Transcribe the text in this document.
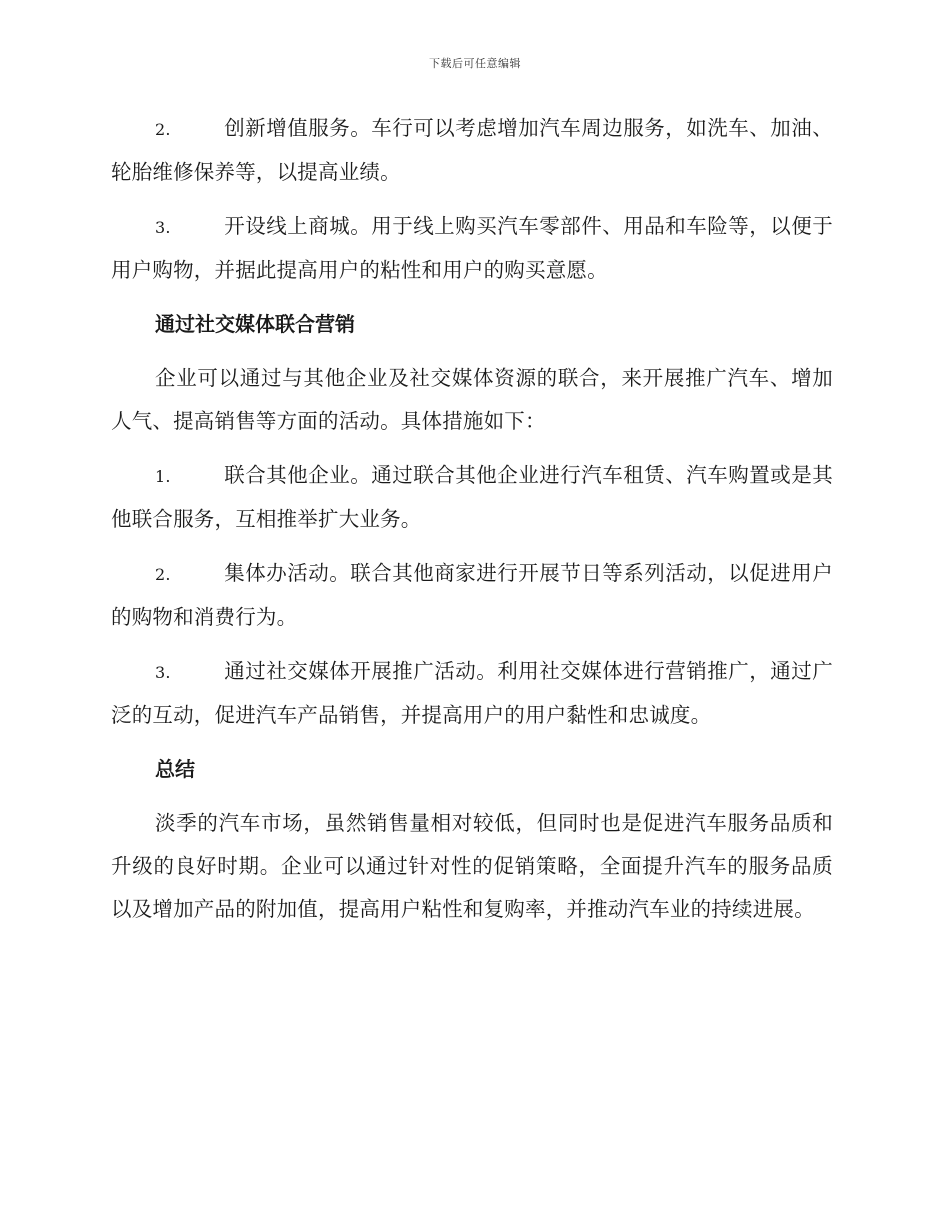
下载后可任意编辑

2.	创新增值服务。车行可以考虑增加汽车周边服务，如洗车、加油、轮胎维修保养等，以提高业绩。

3.	开设线上商城。用于线上购买汽车零部件、用品和车险等，以便于用户购物，并据此提高用户的粘性和用户的购买意愿。

通过社交媒体联合营销

企业可以通过与其他企业及社交媒体资源的联合，来开展推广汽车、增加人气、提高销售等方面的活动。具体措施如下：

1.	联合其他企业。通过联合其他企业进行汽车租赁、汽车购置或是其他联合服务，互相推举扩大业务。

2.	集体办活动。联合其他商家进行开展节日等系列活动，以促进用户的购物和消费行为。

3.	通过社交媒体开展推广活动。利用社交媒体进行营销推广，通过广泛的互动，促进汽车产品销售，并提高用户的用户黏性和忠诚度。

总结

淡季的汽车市场，虽然销售量相对较低，但同时也是促进汽车服务品质和升级的良好时期。企业可以通过针对性的促销策略，全面提升汽车的服务品质以及增加产品的附加值，提高用户粘性和复购率，并推动汽车业的持续进展。
